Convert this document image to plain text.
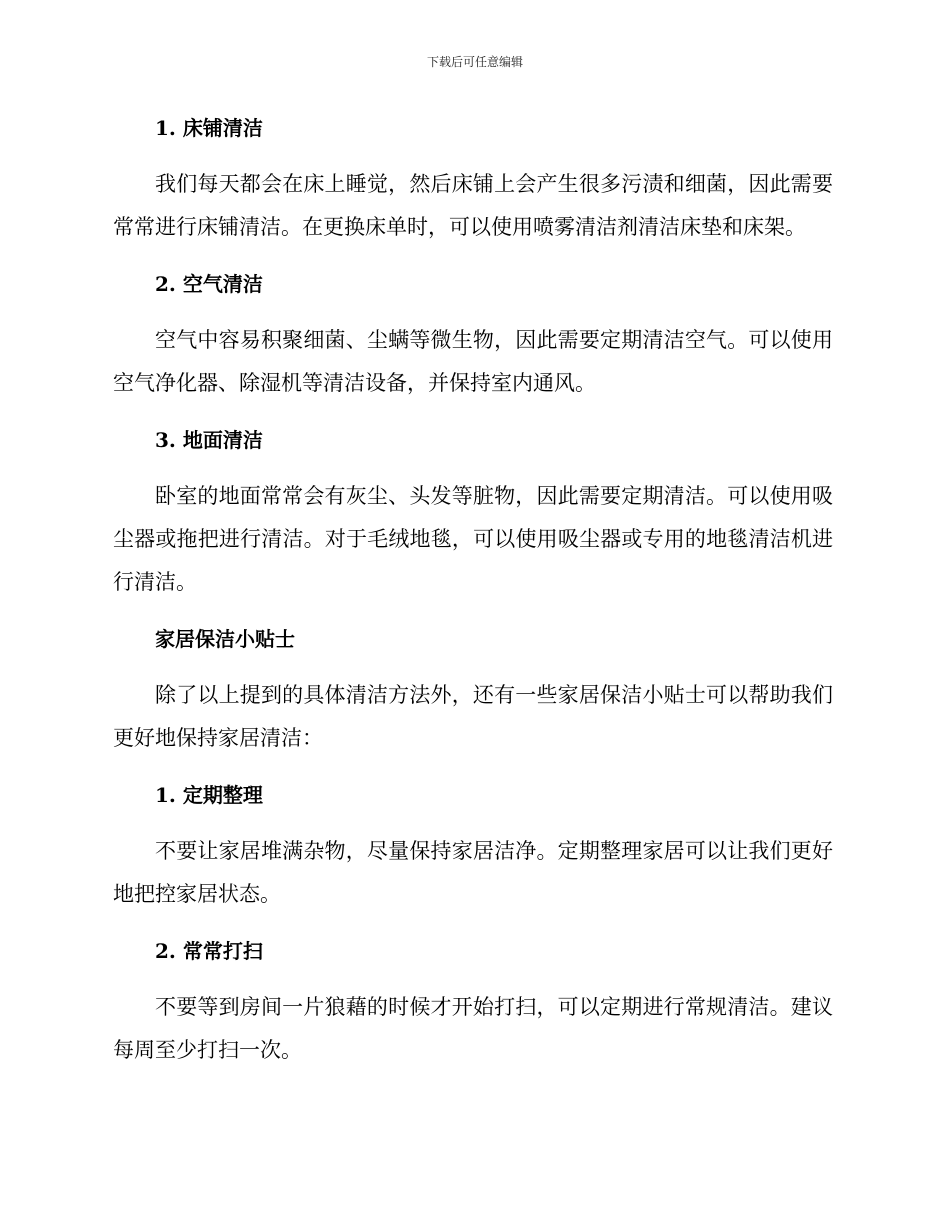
下载后可任意编辑
1. 床铺清洁

我们每天都会在床上睡觉，然后床铺上会产生很多污渍和细菌，因此需要常常进行床铺清洁。在更换床单时，可以使用喷雾清洁剂清洁床垫和床架。

2. 空气清洁

空气中容易积聚细菌、尘螨等微生物，因此需要定期清洁空气。可以使用空气净化器、除湿机等清洁设备，并保持室内通风。

3. 地面清洁

卧室的地面常常会有灰尘、头发等脏物，因此需要定期清洁。可以使用吸尘器或拖把进行清洁。对于毛绒地毯，可以使用吸尘器或专用的地毯清洁机进行清洁。

家居保洁小贴士

除了以上提到的具体清洁方法外，还有一些家居保洁小贴士可以帮助我们更好地保持家居清洁：

1. 定期整理

不要让家居堆满杂物，尽量保持家居洁净。定期整理家居可以让我们更好地把控家居状态。

2. 常常打扫

不要等到房间一片狼藉的时候才开始打扫，可以定期进行常规清洁。建议每周至少打扫一次。
